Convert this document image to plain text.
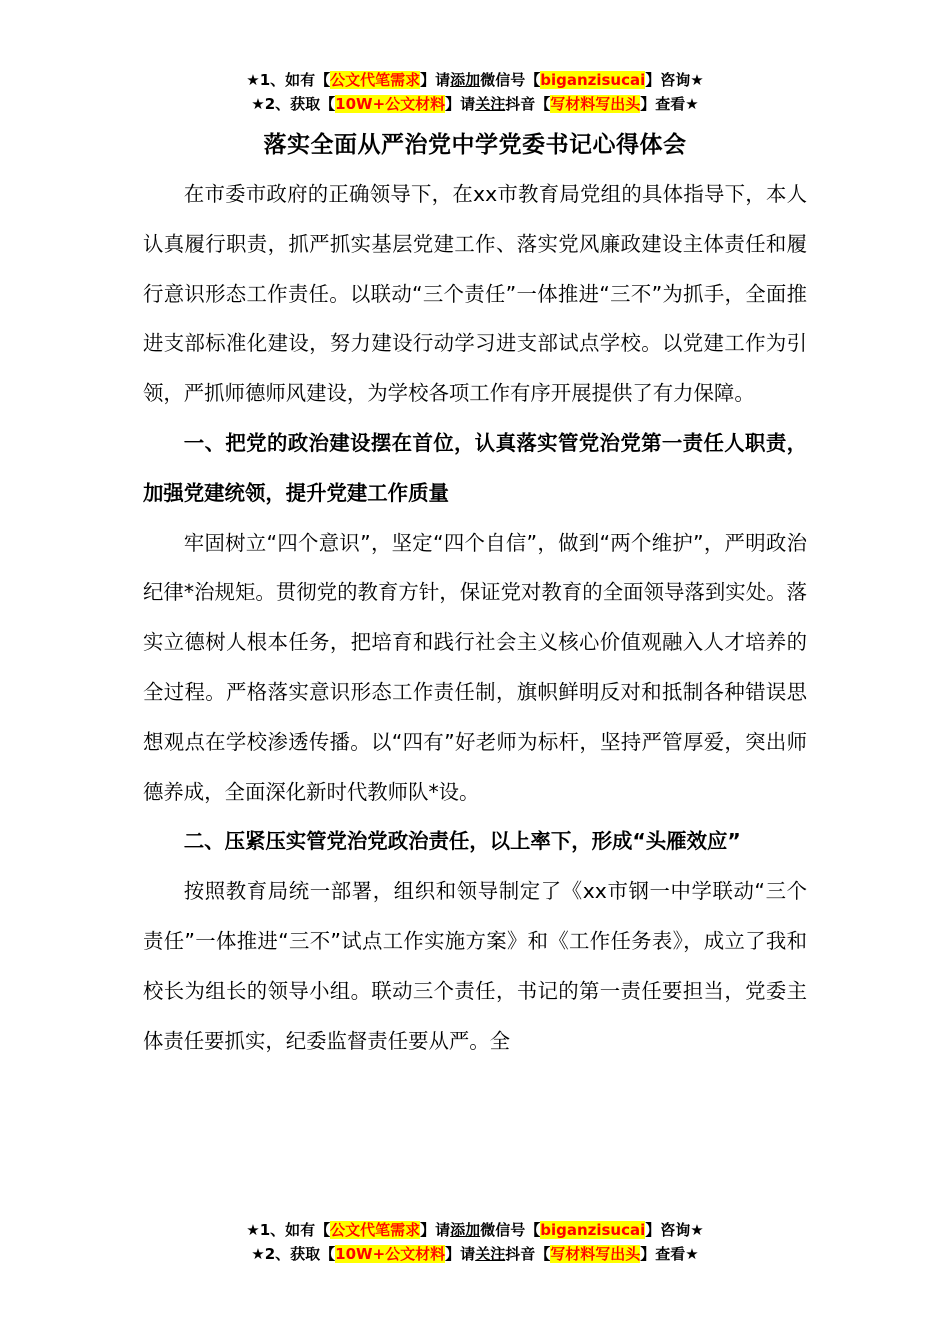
★1、如有【公文代笔需求】请添加微信号【biganzisucai】咨询★
★2、获取【10W+公文材料】请关注抖音【写材料写出头】查看★
落实全面从严治党中学党委书记心得体会

在市委市政府的正确领导下，在xx市教育局党组的具体指导下，本人认真履行职责，抓严抓实基层党建工作、落实党风廉政建设主体责任和履行意识形态工作责任。以联动“三个责任”一体推进“三不”为抓手，全面推进支部标准化建设，努力建设行动学习进支部试点学校。以党建工作为引领，严抓师德师风建设，为学校各项工作有序开展提供了有力保障。

一、把党的政治建设摆在首位，认真落实管党治党第一责任人职责，加强党建统领，提升党建工作质量

牢固树立“四个意识”，坚定“四个自信”，做到“两个维护”，严明政治纪律*治规矩。贯彻党的教育方针，保证党对教育的全面领导落到实处。落实立德树人根本任务，把培育和践行社会主义核心价值观融入人才培养的全过程。严格落实意识形态工作责任制，旗帜鲜明反对和抵制各种错误思想观点在学校渗透传播。以“四有”好老师为标杆，坚持严管厚爱，突出师德养成，全面深化新时代教师队*设。

二、压紧压实管党治党政治责任，以上率下，形成“头雁效应”

按照教育局统一部署，组织和领导制定了《xx市钢一中学联动“三个责任”一体推进“三不”试点工作实施方案》和《工作任务表》，成立了我和校长为组长的领导小组。联动三个责任，书记的第一责任要担当，党委主体责任要抓实，纪委监督责任要从严。全

★1、如有【公文代笔需求】请添加微信号【biganzisucai】咨询★
★2、获取【10W+公文材料】请关注抖音【写材料写出头】查看★
